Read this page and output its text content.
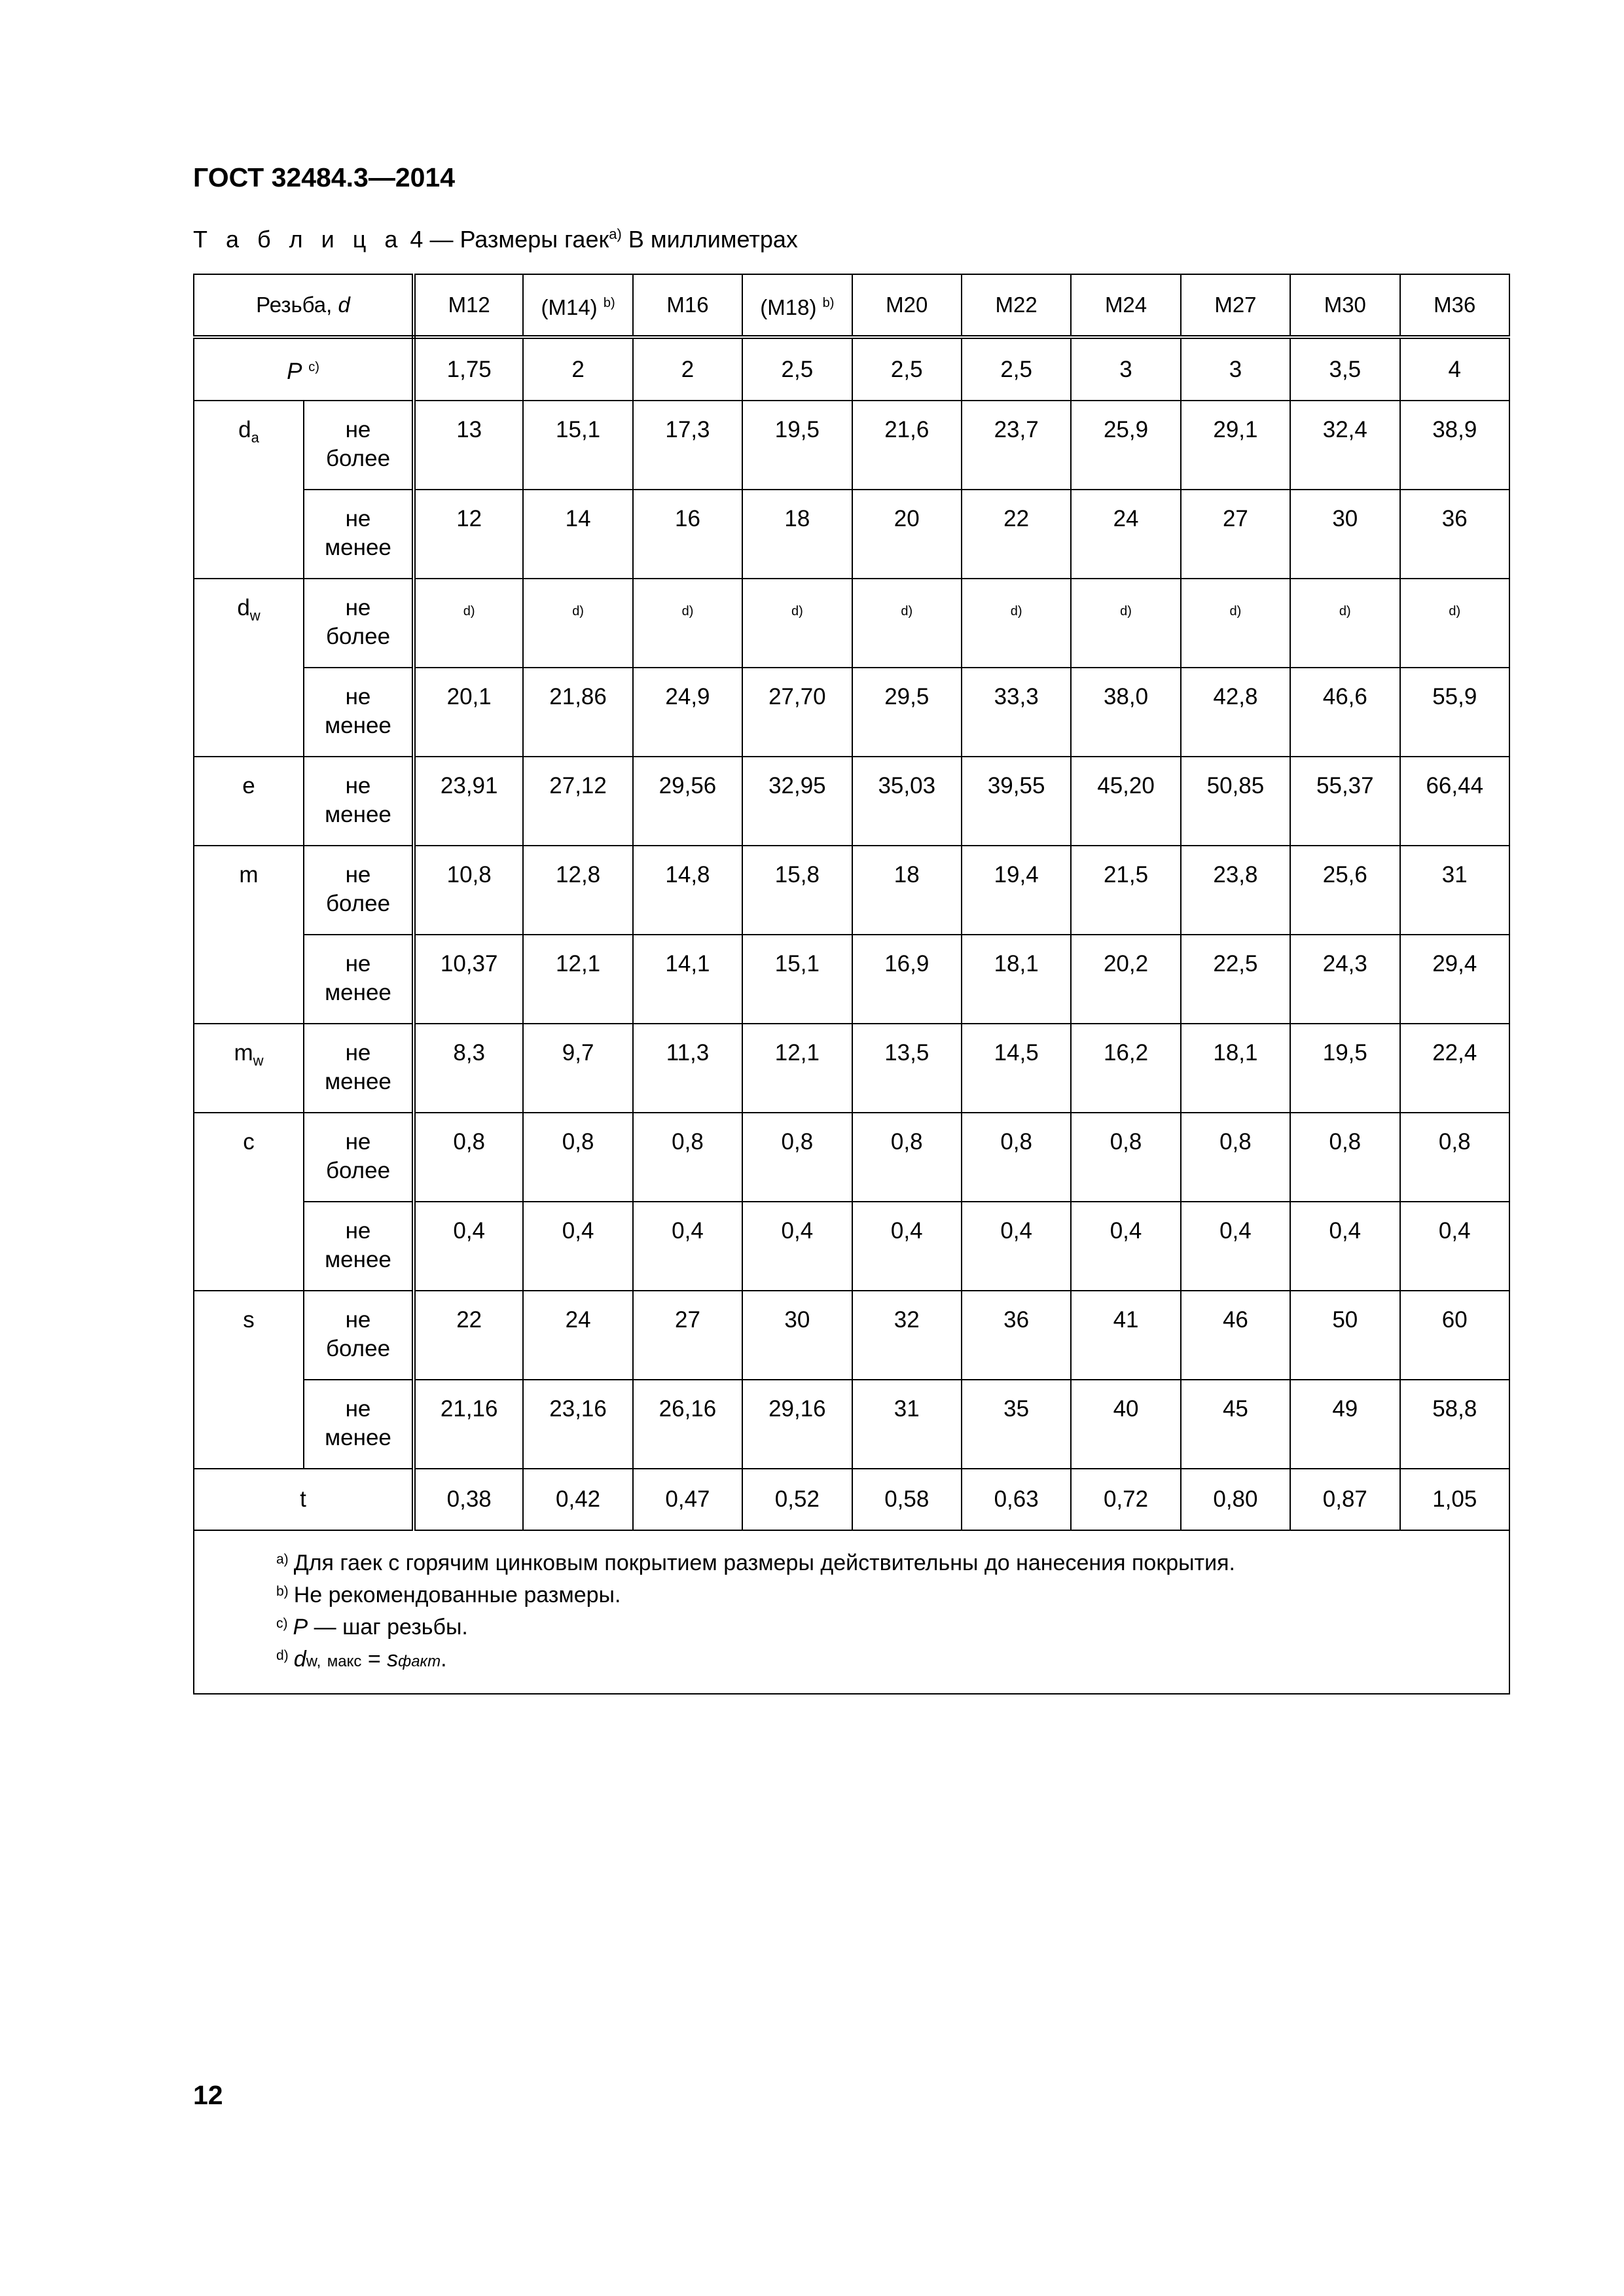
ГОСТ 32484.3—2014
Т а б л и ц а 4 — Размеры гаек$^{a)}$ В миллиметрах
Резьба, d		M12	(M14) $^{b)}$	M16	(M18) $^{b)}$	M20	M22	M24	M27	M30	M36
P $^{c)}$		1,75	2	2	2,5	2,5	2,5	3	3	3,5	4
$d_a$	не более	13	15,1	17,3	19,5	21,6	23,7	25,9	29,1	32,4	38,9
	не менее	12	14	16	18	20	22	24	27	30	36
$d_w$	не более	d)	d)	d)	d)	d)	d)	d)	d)	d)	d)
	не менее	20,1	21,86	24,9	27,70	29,5	33,3	38,0	42,8	46,6	55,9
e	не менее	23,91	27,12	29,56	32,95	35,03	39,55	45,20	50,85	55,37	66,44
m	не более	10,8	12,8	14,8	15,8	18	19,4	21,5	23,8	25,6	31
	не менее	10,37	12,1	14,1	15,1	16,9	18,1	20,2	22,5	24,3	29,4
$m_w$	не менее	8,3	9,7	11,3	12,1	13,5	14,5	16,2	18,1	19,5	22,4
c	не более	0,8	0,8	0,8	0,8	0,8	0,8	0,8	0,8	0,8	0,8
	не менее	0,4	0,4	0,4	0,4	0,4	0,4	0,4	0,4	0,4	0,4
s	не более	22	24	27	30	32	36	41	46	50	60
	не менее	21,16	23,16	26,16	29,16	31	35	40	45	49	58,8
t		0,38	0,42	0,47	0,52	0,58	0,63	0,72	0,80	0,87	1,05

$^{a)}$ Для гаек с горячим цинковым покрытием размеры действительны до нанесения покрытия.
$^{b)}$ Не рекомендованные размеры.
$^{c)}$ P — шаг резьбы.
$^{d)}$ dw, макс = sфакт.											
12
